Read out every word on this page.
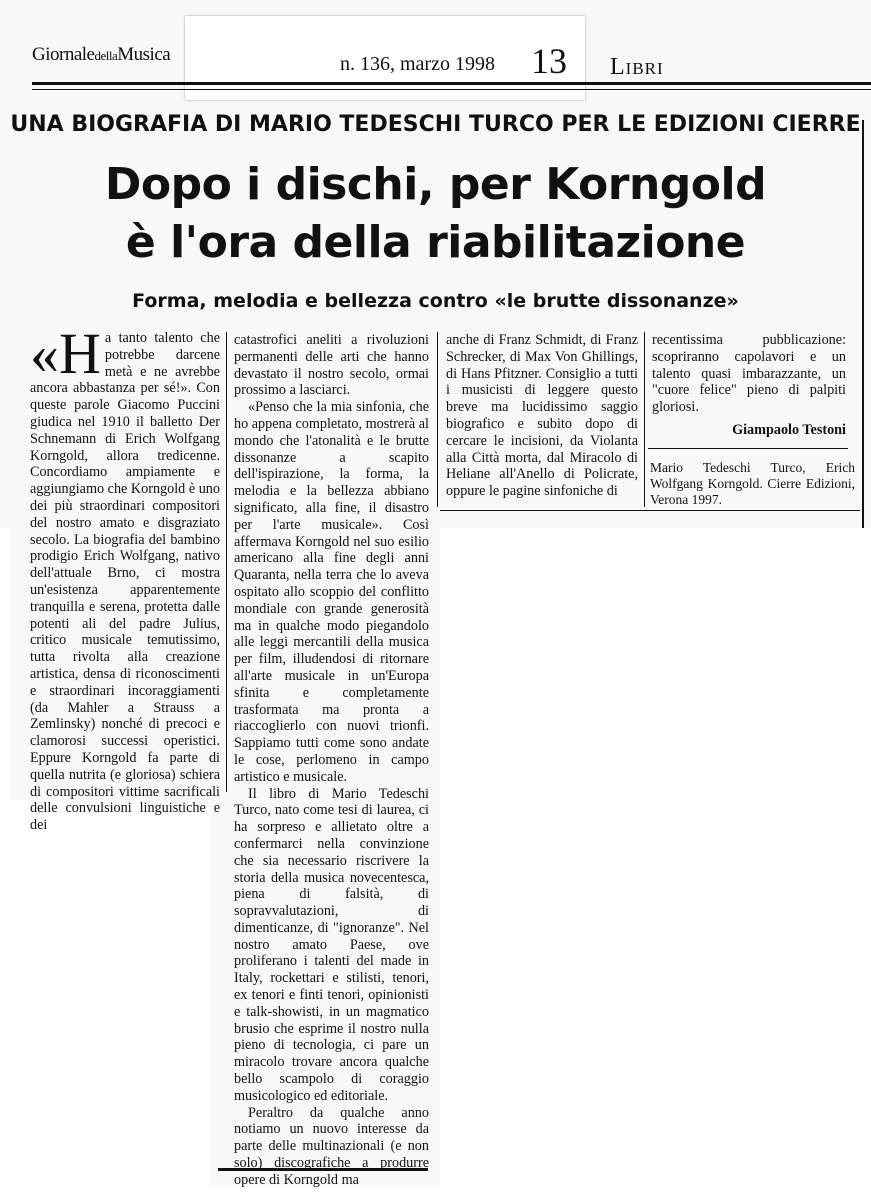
GiornaledellaMusica	n. 136, marzo 1998 13 Libri
UNA BIOGRAFIA DI MARIO TEDESCHI TURCO PER LE EDIZIONI CIERRE
Dopo i dischi, per Korngold
è l'ora della riabilitazione
Forma, melodia e bellezza contro «le brutte dissonanze»

«Ha tanto talento che potrebbe darcene metà e ne avrebbe ancora abbastanza per sé!». Con queste parole Giacomo Puccini giudica nel 1910 il balletto Der Schnemann di Erich Wolfgang Korngold, allora tredicenne. Concordiamo ampiamente e aggiungiamo che Korngold è uno dei più straordinari compositori del nostro amato e disgraziato secolo. La biografia del bambino prodigio Erich Wolfgang, nativo dell'attuale Brno, ci mostra un'esistenza apparentemente tranquilla e serena, protetta dalle potenti ali del padre Julius, critico musicale temutissimo, tutta rivolta alla creazione artistica, densa di riconoscimenti e straordinari incoraggiamenti (da Mahler a Strauss a Zemlinsky) nonché di precoci e clamorosi successi operistici. Eppure Korngold fa parte di quella nutrita (e gloriosa) schiera di compositori vittime sacrificali delle convulsioni linguistiche e dei

catastrofici aneliti a rivoluzioni permanenti delle arti che hanno devastato il nostro secolo, ormai prossimo a lasciarci.

«Penso che la mia sinfonia, che ho appena completato, mostrerà al mondo che l'atonalità e le brutte dissonanze a scapito dell'ispirazione, la forma, la melodia e la bellezza abbiano significato, alla fine, il disastro per l'arte musicale». Così affermava Korngold nel suo esilio americano alla fine degli anni Quaranta, nella terra che lo aveva ospitato allo scoppio del conflitto mondiale con grande generosità ma in qualche modo piegandolo alle leggi mercantili della musica per film, illudendosi di ritornare all'arte musicale in un'Europa sfinita e completamente trasformata ma pronta a riaccoglierlo con nuovi trionfi. Sappiamo tutti come sono andate le cose, perlomeno in campo artistico e musicale.

Il libro di Mario Tedeschi Turco, nato come tesi di laurea, ci ha sorpreso e allietato oltre a confermarci nella convinzione che sia necessario riscrivere la storia della musica novecentesca, piena di falsità, di sopravvalutazioni, di dimenticanze, di "ignoranze". Nel nostro amato Paese, ove proliferano i talenti del made in Italy, rockettari e stilisti, tenori, ex tenori e finti tenori, opinionisti e talk-showisti, in un magmatico brusio che esprime il nostro nulla pieno di tecnologia, ci pare un miracolo trovare ancora qualche bello scampolo di coraggio musicologico ed editoriale.

Peraltro da qualche anno notiamo un nuovo interesse da parte delle multinazionali (e non solo) discografiche a produrre opere di Korngold ma

anche di Franz Schmidt, di Franz Schrecker, di Max Von Ghillings, di Hans Pfitzner. Consiglio a tutti i musicisti di leggere questo breve ma lucidissimo saggio biografico e subito dopo di cercare le incisioni, da Violanta alla Città morta, dal Miracolo di Heliane all'Anello di Policrate, oppure le pagine sinfoniche di

recentissima pubblicazione: scopriranno capolavori e un talento quasi imbarazzante, un "cuore felice" pieno di palpiti gloriosi.

Giampaolo Testoni
Mario Tedeschi Turco, Erich Wolfgang Korngold. Cierre Edizioni, Verona 1997.
